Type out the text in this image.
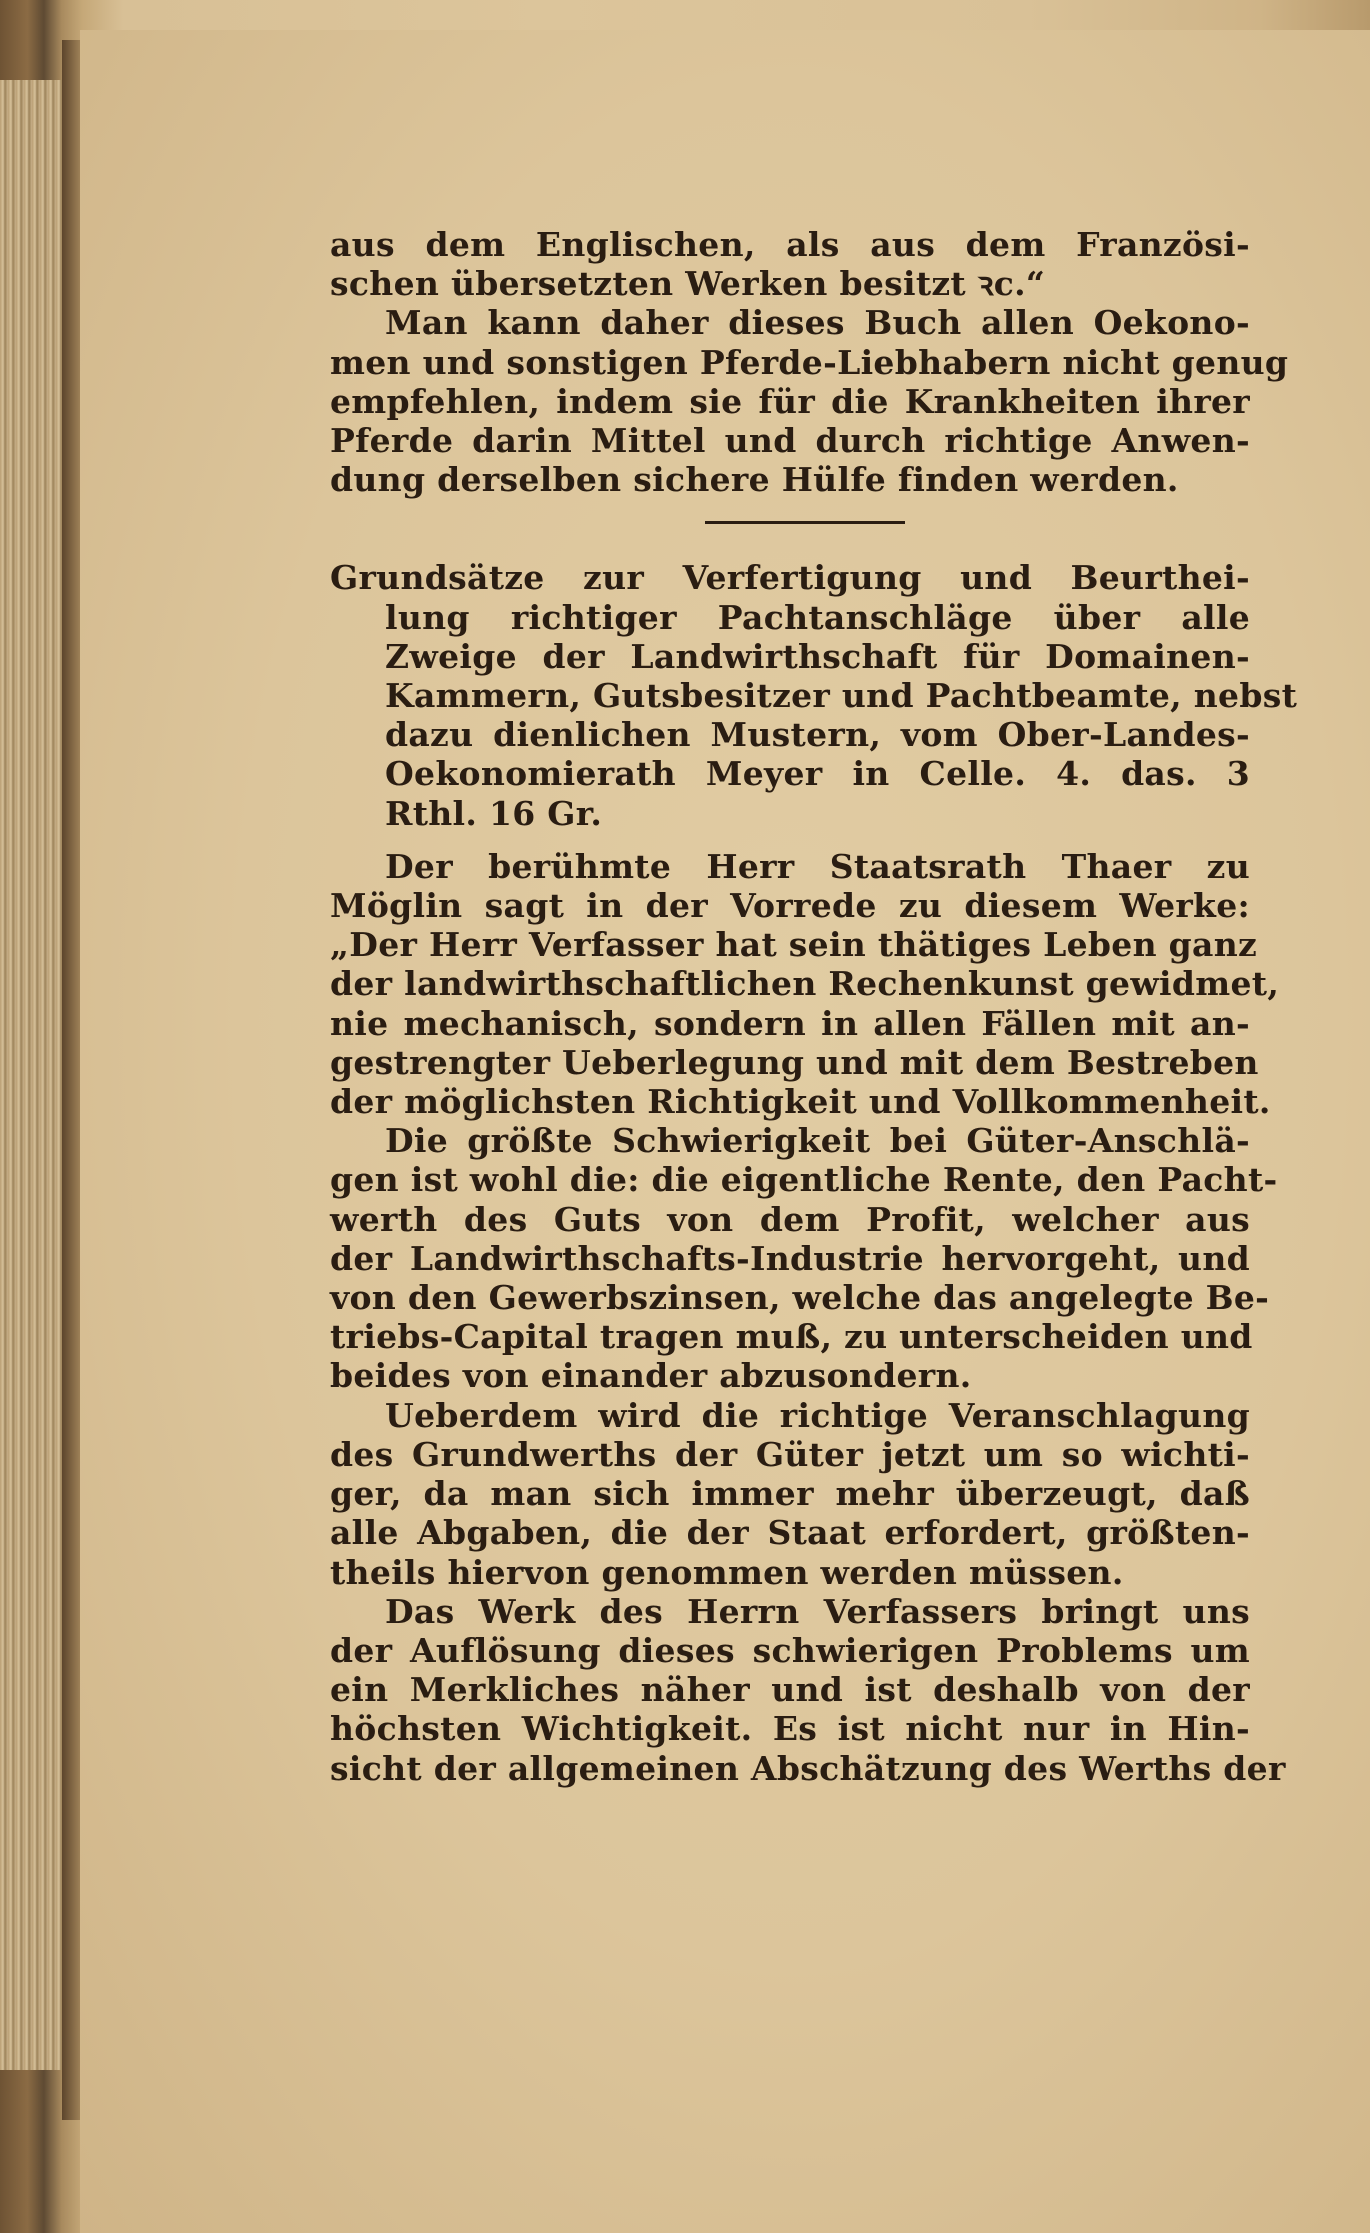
aus dem Englischen, als aus dem Französi-
schen übersetzten Werken besitzt ꝛc.“
Man kann daher dieses Buch allen Oekono-
men und sonstigen Pferde-Liebhabern nicht genug
empfehlen, indem sie für die Krankheiten ihrer
Pferde darin Mittel und durch richtige Anwen-
dung derselben sichere Hülfe finden werden.
Grundsätze zur Verfertigung und Beurthei-
lung richtiger Pachtanschläge über alle
Zweige der Landwirthschaft für Domainen-
Kammern, Gutsbesitzer und Pachtbeamte, nebst
dazu dienlichen Mustern, vom Ober-Landes-
Oekonomierath Meyer in Celle. 4. das. 3
Rthl. 16 Gr.
Der berühmte Herr Staatsrath Thaer zu
Möglin sagt in der Vorrede zu diesem Werke:
„Der Herr Verfasser hat sein thätiges Leben ganz
der landwirthschaftlichen Rechenkunst gewidmet,
nie mechanisch, sondern in allen Fällen mit an-
gestrengter Ueberlegung und mit dem Bestreben
der möglichsten Richtigkeit und Vollkommenheit.
Die größte Schwierigkeit bei Güter-Anschlä-
gen ist wohl die: die eigentliche Rente, den Pacht-
werth des Guts von dem Profit, welcher aus
der Landwirthschafts-Industrie hervorgeht, und
von den Gewerbszinsen, welche das angelegte Be-
triebs-Capital tragen muß, zu unterscheiden und
beides von einander abzusondern.
Ueberdem wird die richtige Veranschlagung
des Grundwerths der Güter jetzt um so wichti-
ger, da man sich immer mehr überzeugt, daß
alle Abgaben, die der Staat erfordert, größten-
theils hiervon genommen werden müssen.
Das Werk des Herrn Verfassers bringt uns
der Auflösung dieses schwierigen Problems um
ein Merkliches näher und ist deshalb von der
höchsten Wichtigkeit. Es ist nicht nur in Hin-
sicht der allgemeinen Abschätzung des Werths der
